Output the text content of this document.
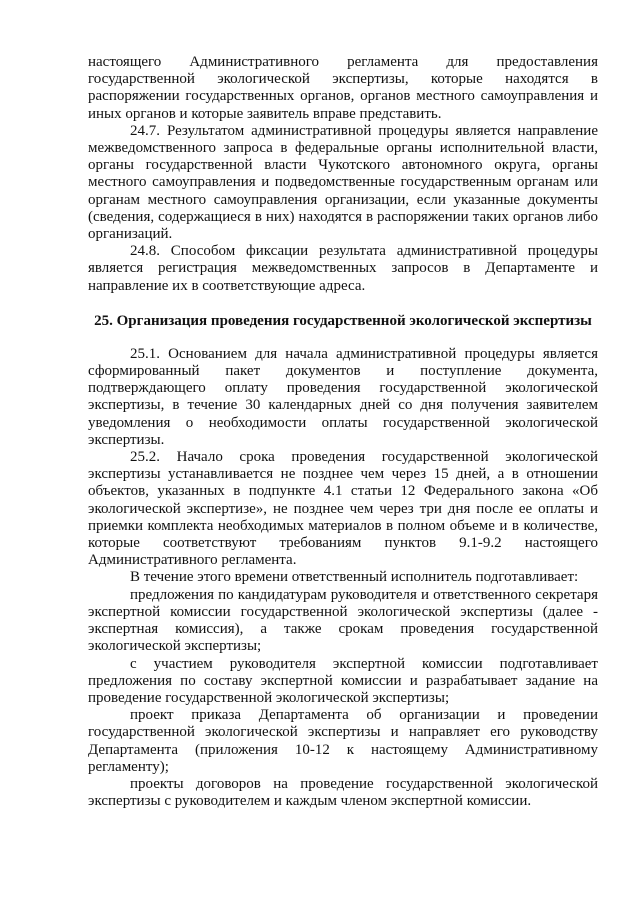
настоящего Административного регламента для предоставления государственной экологической экспертизы, которые находятся в распоряжении государственных органов, органов местного самоуправления и иных органов и которые заявитель вправе представить.

24.7. Результатом административной процедуры является направление межведомственного запроса в федеральные органы исполнительной власти, органы государственной власти Чукотского автономного округа, органы местного самоуправления и подведомственные государственным органам или органам местного самоуправления организации, если указанные документы (сведения, содержащиеся в них) находятся в распоряжении таких органов либо организаций.

24.8. Способом фиксации результата административной процедуры является регистрация межведомственных запросов в Департаменте и направление их в соответствующие адреса.

25. Организация проведения государственной экологической экспертизы

25.1. Основанием для начала административной процедуры является сформированный пакет документов и поступление документа, подтверждающего оплату проведения государственной экологической экспертизы, в течение 30 календарных дней со дня получения заявителем уведомления о необходимости оплаты государственной экологической экспертизы.

25.2. Начало срока проведения государственной экологической экспертизы устанавливается не позднее чем через 15 дней, а в отношении объектов, указанных в подпункте 4.1 статьи 12 Федерального закона «Об экологической экспертизе», не позднее чем через три дня после ее оплаты и приемки комплекта необходимых материалов в полном объеме и в количестве, которые соответствуют требованиям пунктов 9.1-9.2 настоящего Административного регламента.

В течение этого времени ответственный исполнитель подготавливает:

предложения по кандидатурам руководителя и ответственного секретаря экспертной комиссии государственной экологической экспертизы (далее - экспертная комиссия), а также срокам проведения государственной экологической экспертизы;

с участием руководителя экспертной комиссии подготавливает предложения по составу экспертной комиссии и разрабатывает задание на проведение государственной экологической экспертизы;

проект приказа Департамента об организации и проведении государственной экологической экспертизы и направляет его руководству Департамента (приложения 10-12 к настоящему Административному регламенту);

проекты договоров на проведение государственной экологической экспертизы с руководителем и каждым членом экспертной комиссии.
